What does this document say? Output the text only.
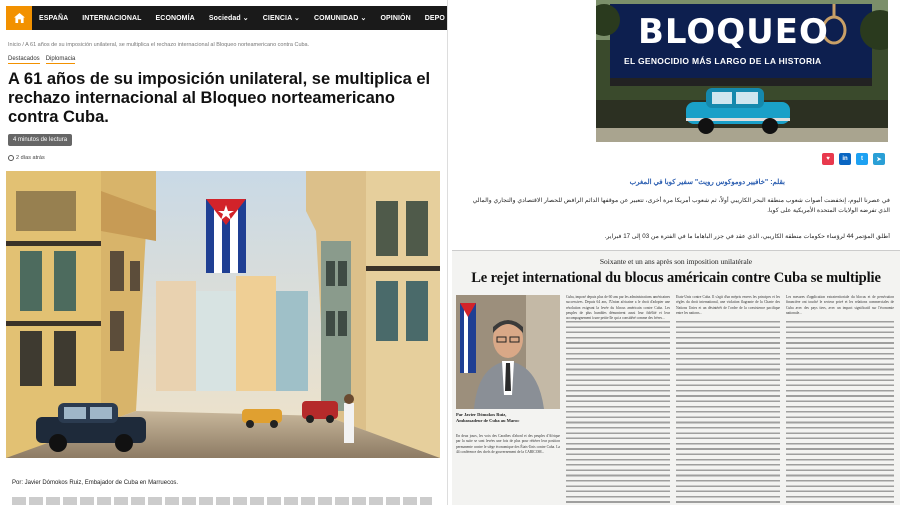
ESPAÑA	INTERNACIONAL	ECONOMÍA	Sociedad ⌄	CIENCIA ⌄	COMUNIDAD ⌄	OPINIÓN	DEPO
Inicio / A 61 años de su imposición unilateral, se multiplica el rechazo internacional al Bloqueo norteamericano contra Cuba.
Destacados Diplomacia
A 61 años de su imposición unilateral, se multiplica el rechazo internacional al Bloqueo norteamericano contra Cuba.
4 minutos de lectura
2 días atrás
Por: Javier Dómokos Ruiz, Embajador de Cuba en Marruecos.
BLOQUEO
EL GENOCIDIO MÁS LARGO DE LA HISTORIA
♥	in	t	➤
بقلم: "خافيير دوموكوس رويث" سفير كوبا في المغرب
في عصرنا اليوم، إنخفضت أصوات شعوب منطقة البحر الكاريبي أولاً، ثم شعوب أمريكا مرة أخرى، تتعبير عن موقفها الدائم الرافض للحصار الاقتصادي والتجاري والمالي الذي تفرضه الولايات المتحدة الأمريكية على كوبا.
أطلق المؤتمر 44 لرؤساء حكومات منطقة الكاريبي، الذي عقد في جزر الباهاما ما في الفترة من 03 إلى 17 فبراير.
Soixante et un ans après son imposition unilatérale
Le rejet international du blocus américain contre Cuba se multiplie
Par Javier Dómokos Ruiz,
Ambassadeur de Cuba au Maroc
En deux jours, les voix des Caraïbes d'abord et des peuples d'Afrique par la suite se sont levées une fois de plus pour réitérer leur position permanente contre le siège économique des États-Unis contre Cuba. La 44 conférence des chefs de gouvernement de la CARICOM...
Cuba, imposé depuis plus de 60 ans par les administrations américaines successives. Depuis 64 ans, l'Union africaine a le droit d'adopter une résolution exigeant la levée du blocus américain contre Cuba. Les peuples de plus humbles démontrent aussi leur fidélité et leur accompagnement à une petite île qui a considéré comme des frères...
États-Unis contre Cuba. Il s'agit d'un mépris envers les principes et les règles du droit international, une violation flagrante de la Charte des Nations Unies et un désintérêt de l'ordre de la coexistence pacifique entre les nations...
Les mesures d'application extraterritoriale du blocus et de persécution financière ont touché le secteur privé et les relations commerciales de Cuba avec des pays tiers, avec un impact significatif sur l'économie nationale...
